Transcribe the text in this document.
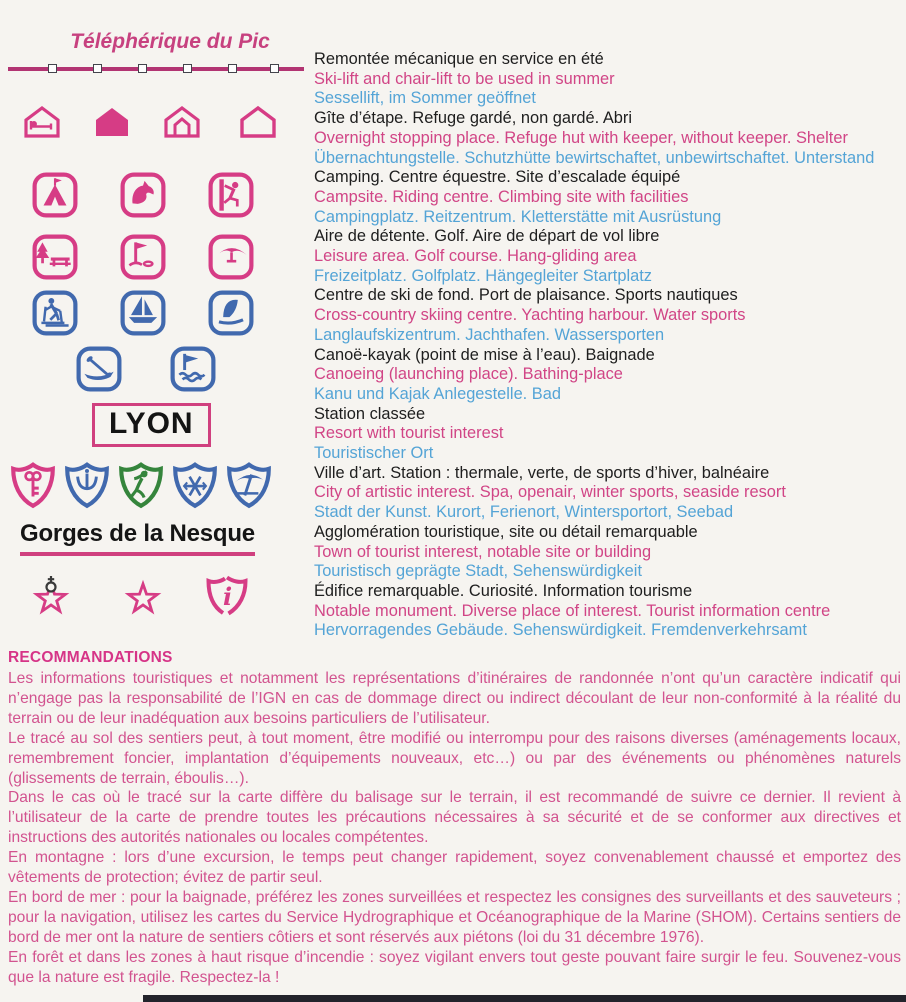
Téléphérique du Pic
LYON
Gorges de la Nesque
i

Remontée mécanique en service en été

Ski-lift and chair-lift to be used in summer

Sessellift, im Sommer geöffnet

Gîte d’étape. Refuge gardé, non gardé. Abri

Overnight stopping place. Refuge hut with keeper, without keeper. Shelter

Übernachtungstelle. Schutzhütte bewirtschaftet, unbewirtschaftet. Unterstand

Camping. Centre équestre. Site d’escalade équipé

Campsite. Riding centre. Climbing site with facilities

Campingplatz. Reitzentrum. Kletterstätte mit Ausrüstung

Aire de détente. Golf. Aire de départ de vol libre

Leisure area. Golf course. Hang-gliding area

Freizeitplatz. Golfplatz. Hängegleiter Startplatz

Centre de ski de fond. Port de plaisance. Sports nautiques

Cross-country skiing centre. Yachting harbour. Water sports

Langlaufskizentrum. Jachthafen. Wassersporten

Canoë-kayak (point de mise à l’eau). Baignade

Canoeing (launching place). Bathing-place

Kanu und Kajak Anlegestelle. Bad

Station classée

Resort with tourist interest

Touristischer Ort

Ville d’art. Station : thermale, verte, de sports d’hiver, balnéaire

City of artistic interest. Spa, openair, winter sports, seaside resort

Stadt der Kunst. Kurort, Ferienort, Wintersportort, Seebad

Agglomération touristique, site ou détail remarquable

Town of tourist interest, notable site or building

Touristisch geprägte Stadt, Sehenswürdigkeit

Édifice remarquable. Curiosité. Information tourisme

Notable monument. Diverse place of interest. Tourist information centre

Hervorragendes Gebäude. Sehenswürdigkeit. Fremdenverkehrsamt

RECOMMANDATIONS

Les informations touristiques et notamment les représentations d’itinéraires de randonnée n’ont qu’un caractère indicatif qui n’engage pas la responsabilité de l’IGN en cas de dommage direct ou indirect découlant de leur non-conformité à la réalité du terrain ou de leur inadéquation aux besoins particuliers de l’utilisateur.

Le tracé au sol des sentiers peut, à tout moment, être modifié ou interrompu pour des raisons diverses (aménagements locaux, remembrement foncier, implantation d’équipements nouveaux, etc…) ou par des événements ou phénomènes naturels (glissements de terrain, éboulis…).

Dans le cas où le tracé sur la carte diffère du balisage sur le terrain, il est recommandé de suivre ce dernier. Il revient à l’utilisateur de la carte de prendre toutes les précautions nécessaires à sa sécurité et de se conformer aux directives et instructions des autorités nationales ou locales compétentes.

En montagne : lors d’une excursion, le temps peut changer rapidement, soyez convenablement chaussé et emportez des vêtements de protection; évitez de partir seul.

En bord de mer : pour la baignade, préférez les zones surveillées et respectez les consignes des surveillants et des sauveteurs ; pour la navigation, utilisez les cartes du Service Hydrographique et Océanographique de la Marine (SHOM). Certains sentiers de bord de mer ont la nature de sentiers côtiers et sont réservés aux piétons (loi du 31 décembre 1976).

En forêt et dans les zones à haut risque d’incendie : soyez vigilant envers tout geste pouvant faire surgir le feu. Souvenez-vous que la nature est fragile. Respectez-la !
